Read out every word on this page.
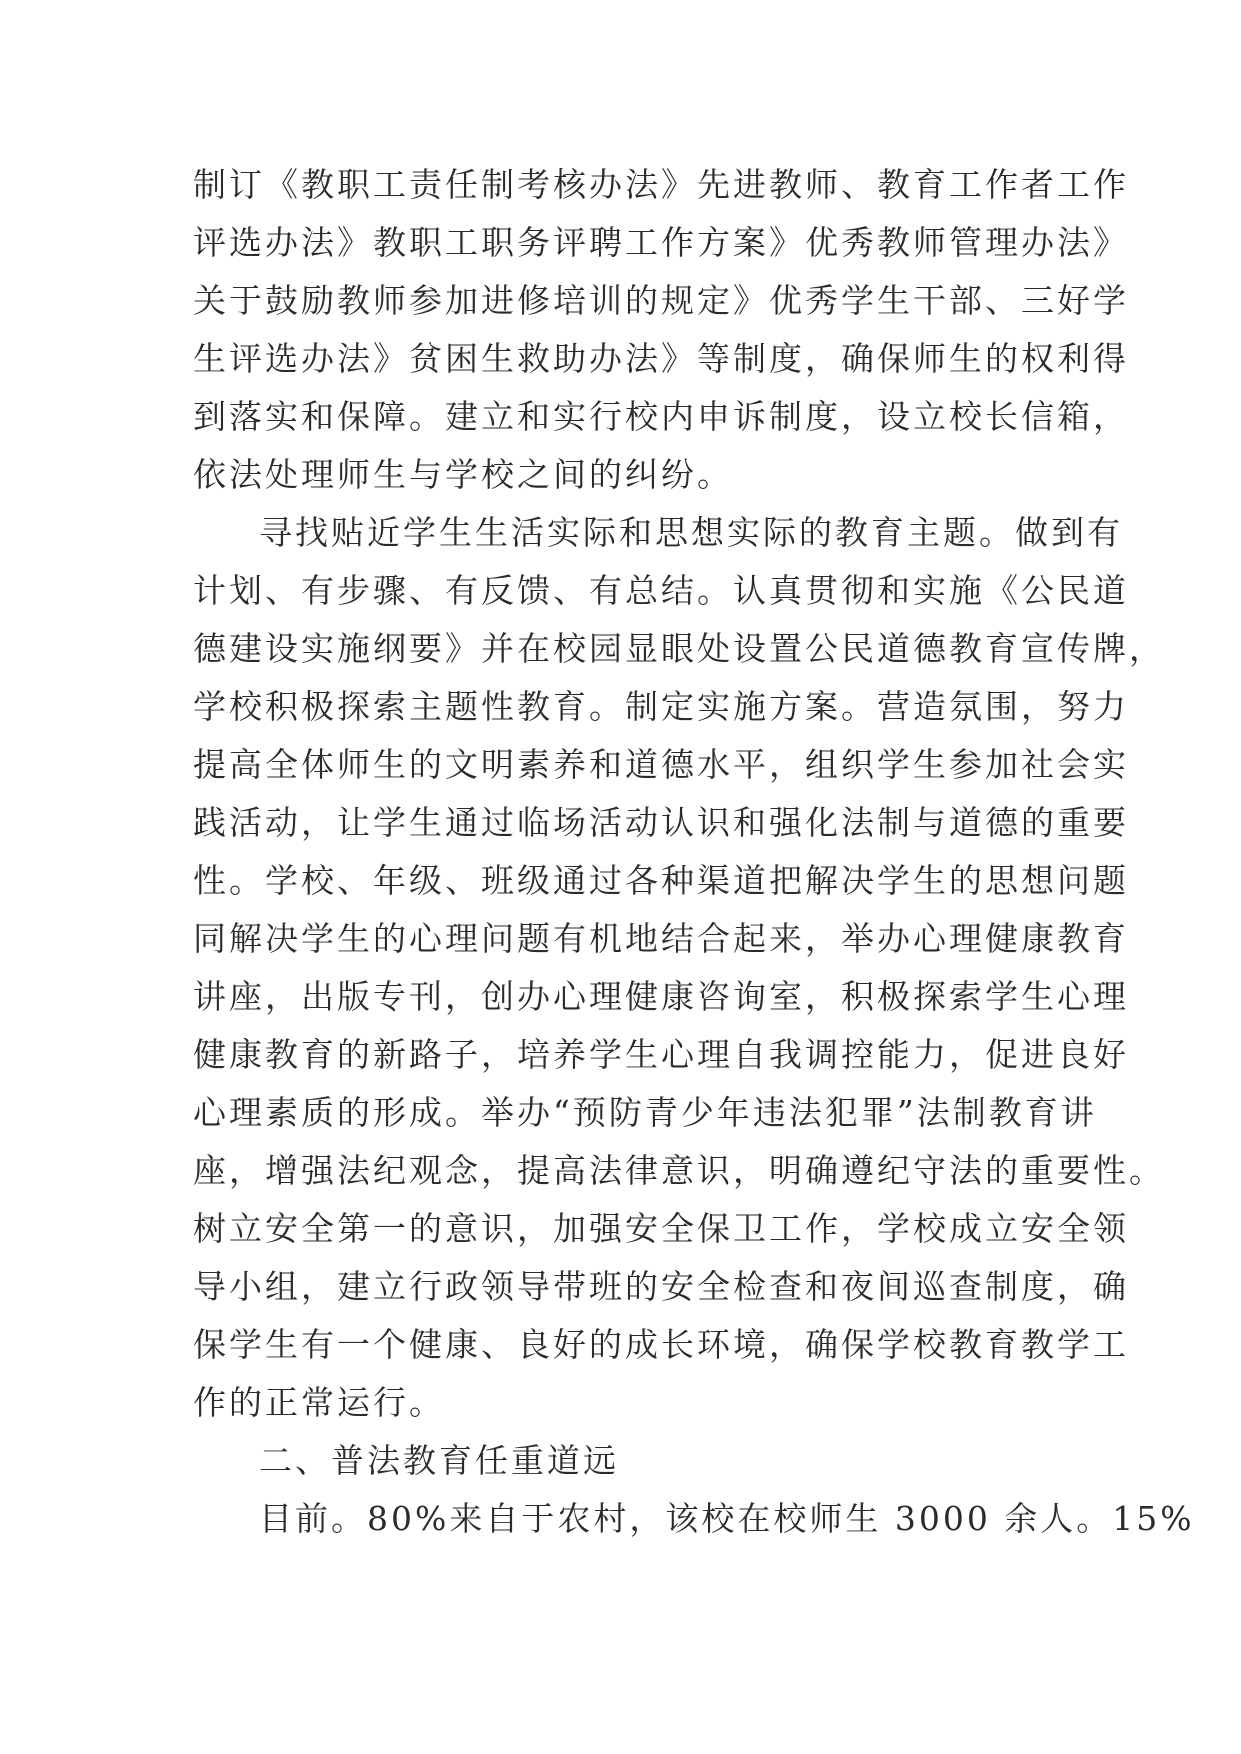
制订《教职工责任制考核办法》先进教师、教育工作者工作
评选办法》教职工职务评聘工作方案》优秀教师管理办法》
关于鼓励教师参加进修培训的规定》优秀学生干部、三好学
生评选办法》贫困生救助办法》等制度，确保师生的权利得
到落实和保障。建立和实行校内申诉制度，设立校长信箱，
依法处理师生与学校之间的纠纷。
寻找贴近学生生活实际和思想实际的教育主题。做到有
计划、有步骤、有反馈、有总结。认真贯彻和实施《公民道
德建设实施纲要》并在校园显眼处设置公民道德教育宣传牌，
学校积极探索主题性教育。制定实施方案。营造氛围，努力
提高全体师生的文明素养和道德水平，组织学生参加社会实
践活动，让学生通过临场活动认识和强化法制与道德的重要
性。学校、年级、班级通过各种渠道把解决学生的思想问题
同解决学生的心理问题有机地结合起来，举办心理健康教育
讲座，出版专刊，创办心理健康咨询室，积极探索学生心理
健康教育的新路子，培养学生心理自我调控能力，促进良好
心理素质的形成。举办“预防青少年违法犯罪”法制教育讲
座，增强法纪观念，提高法律意识，明确遵纪守法的重要性。
树立安全第一的意识，加强安全保卫工作，学校成立安全领
导小组，建立行政领导带班的安全检查和夜间巡查制度，确
保学生有一个健康、良好的成长环境，确保学校教育教学工
作的正常运行。
二、普法教育任重道远
目前。80%来自于农村，该校在校师生 3000 余人。15%
